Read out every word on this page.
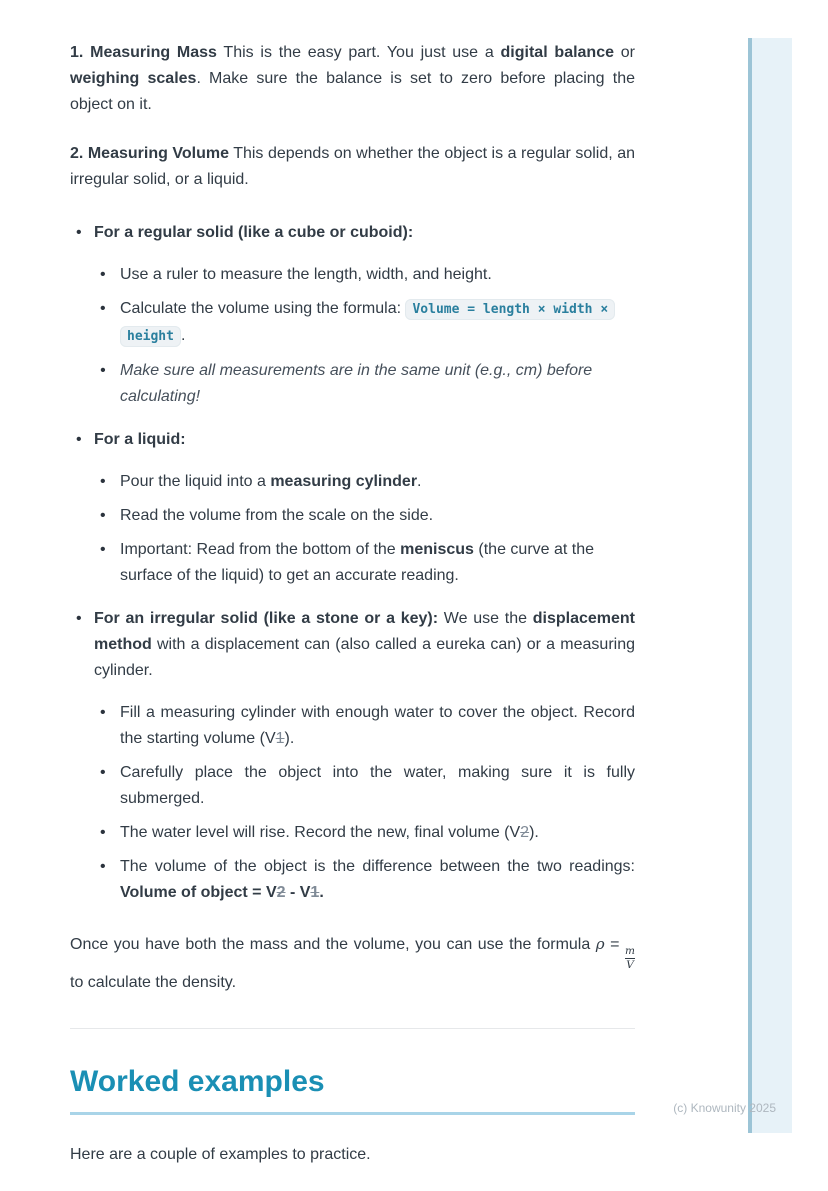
1. Measuring Mass This is the easy part. You just use a digital balance or weighing scales. Make sure the balance is set to zero before placing the object on it.

2. Measuring Volume This depends on whether the object is a regular solid, an irregular solid, or a liquid.

• For a regular solid (like a cube or cuboid):
• Use a ruler to measure the length, width, and height.
• Calculate the volume using the formula: Volume = length × width × height .
• Make sure all measurements are in the same unit (e.g., cm) before calculating!
• For a liquid:
• Pour the liquid into a measuring cylinder.
• Read the volume from the scale on the side.
• Important: Read from the bottom of the meniscus (the curve at the surface of the liquid) to get an accurate reading.
• For an irregular solid (like a stone or a key): We use the displacement method with a displacement can (also called a eureka can) or a measuring cylinder.
• Fill a measuring cylinder with enough water to cover the object. Record the starting volume (V1).
• Carefully place the object into the water, making sure it is fully submerged.
• The water level will rise. Record the new, final volume (V2).
• The volume of the object is the difference between the two readings: Volume of object = V2 - V1.

Once you have both the mass and the volume, you can use the formula ρ =
$\frac{m}{V}$
to calculate the density.

Worked examples

Here are a couple of examples to practice.

(c) Knowunity 2025
